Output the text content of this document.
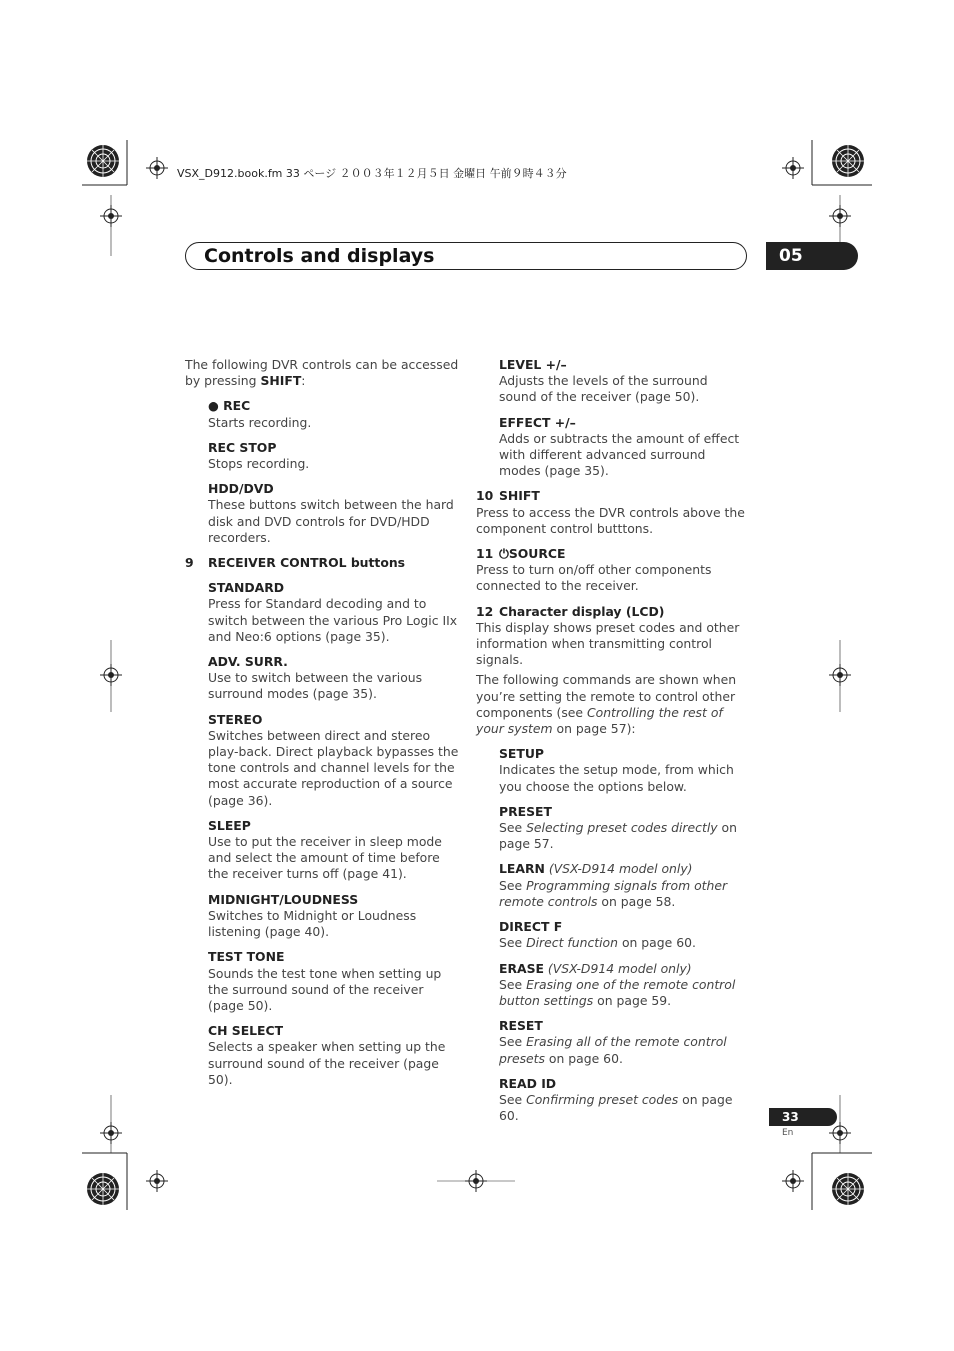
VSX_D912.book.fm 33 ページ ２００３年１２月５日 金曜日 午前９時４３分
Controls and displays	05

The following DVR controls can be accessed by pressing SHIFT:

● REC

Starts recording.

REC STOP

Stops recording.

HDD/DVD

These buttons switch between the hard disk and DVD controls for DVD/HDD recorders.

9 RECEIVER CONTROL buttons

STANDARD

Press for Standard decoding and to switch between the various Pro Logic IIx and Neo:6 options (page 35).

ADV. SURR.

Use to switch between the various surround modes (page 35).

STEREO

Switches between direct and stereo play-back. Direct playback bypasses the tone controls and channel levels for the most accurate reproduction of a source (page 36).

SLEEP

Use to put the receiver in sleep mode and select the amount of time before the receiver turns off (page 41).

MIDNIGHT/LOUDNESS

Switches to Midnight or Loudness listening (page 40).

TEST TONE

Sounds the test tone when setting up the surround sound of the receiver (page 50).

CH SELECT

Selects a speaker when setting up the surround sound of the receiver (page 50).

LEVEL +/–

Adjusts the levels of the surround sound of the receiver (page 50).

EFFECT +/–

Adds or subtracts the amount of effect with different advanced surround modes (page 35).

10 SHIFT

Press to access the DVR controls above the component control butttons.

11 ⏻SOURCE

Press to turn on/off other components connected to the receiver.

12 Character display (LCD)

This display shows preset codes and other information when transmitting control signals.

The following commands are shown when you’re setting the remote to control other components (see Controlling the rest of your system on page 57):

SETUP

Indicates the setup mode, from which you choose the options below.

PRESET

See Selecting preset codes directly on page 57.

LEARN (VSX-D914 model only)

See Programming signals from other remote controls on page 58.

DIRECT F

See Direct function on page 60.

ERASE (VSX-D914 model only)

See Erasing one of the remote control button settings on page 59.

RESET

See Erasing all of the remote control presets on page 60.

READ ID

See Confirming preset codes on page 60.	33
En
